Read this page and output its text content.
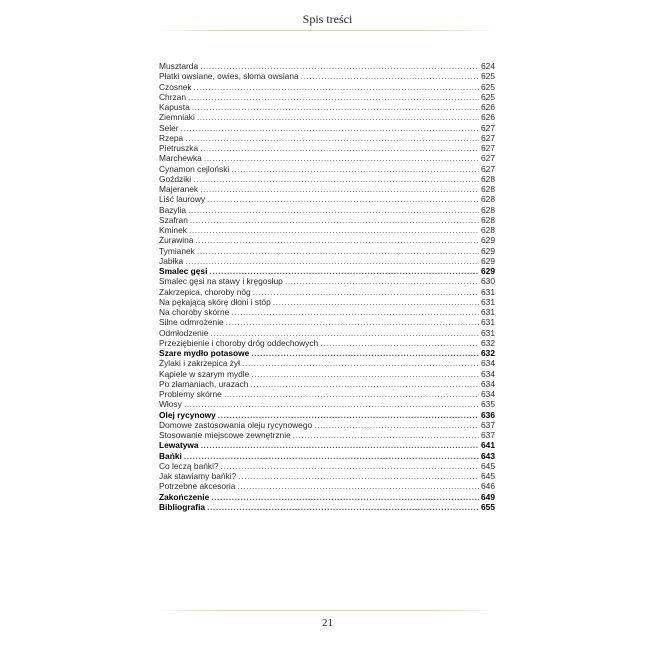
Spis treści
Musztarda .....	624
Płatki owsiane, owies, słoma owsiana .....	625
Czosnek .....	625
Chrzan .....	625
Kapusta .....	626
Ziemniaki .....	626
Seler .....	627
Rzepa .....	627
Pietruszka .....	627
Marchewka .....	627
Cynamon cejloński .....	627
Goździki .....	628
Majeranek .....	628
Liść laurowy .....	628
Bazylia .....	628
Szafran .....	628
Kminek .....	628
Żurawina .....	629
Tymianek .....	629
Jabłka .....	629
Smalec gęsi .....	629
Smalec gęsi na stawy i kręgosłup .....	630
Zakrzepica, choroby nóg .....	631
Na pękającą skórę dłoni i stóp .....	631
Na choroby skórne .....	631
Silne odmrożenie .....	631
Odmłodzenie .....	631
Przeziębienie i choroby dróg oddechowych .....	632
Szare mydło potasowe .....	632
Żylaki i zakrzepica żył .....	634
Kąpiele w szarym mydle .....	634
Po złamaniach, urazach .....	634
Problemy skórne .....	634
Włosy .....	635
Olej rycynowy .....	636
Domowe zastosowania oleju rycynowego .....	637
Stosowanie miejscowe zewnętrznie .....	637
Lewatywa .....	641
Bańki .....	643
Co leczą bańki? .....	645
Jak stawiamy bańki? .....	645
Potrzebne akcesoria .....	646
Zakończenie .....	649
Bibliografia .....	655
21
